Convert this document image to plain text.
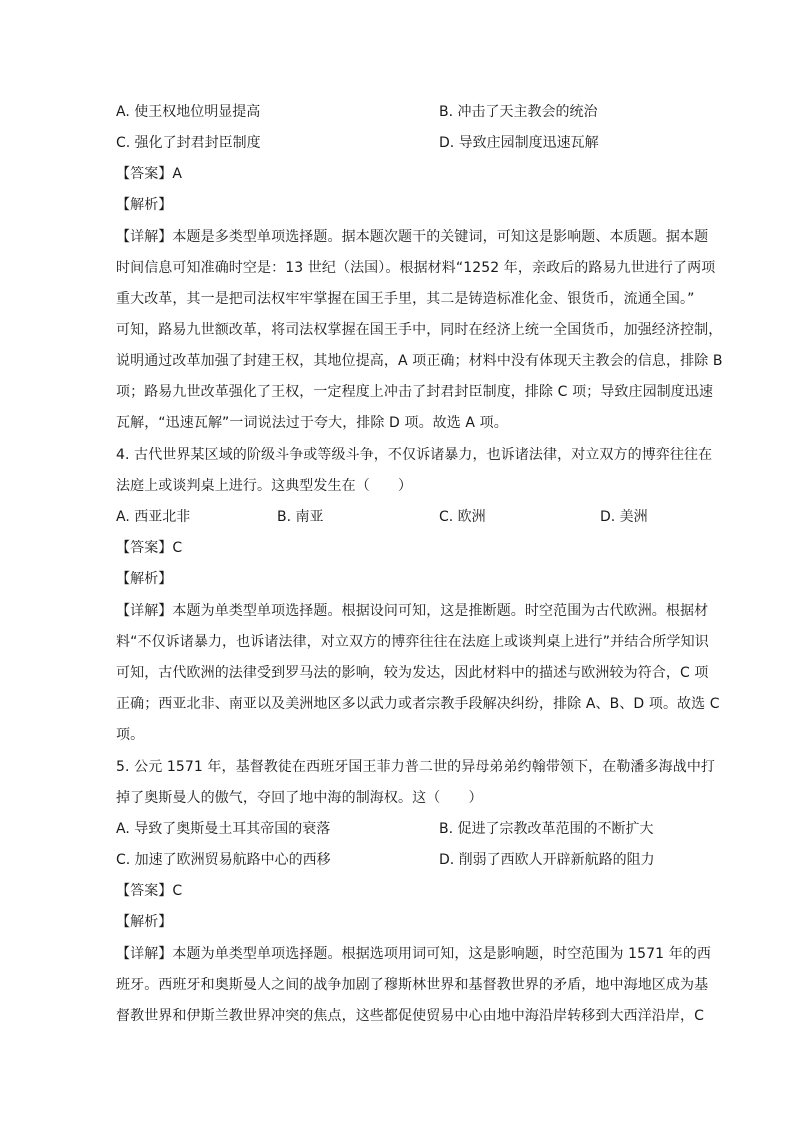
A. 使王权地位明显提高	B. 冲击了天主教会的统治
C. 强化了封君封臣制度	D. 导致庄园制度迅速瓦解
【答案】A
【解析】
【详解】本题是多类型单项选择题。据本题次题干的关键词，可知这是影响题、本质题。据本题
时间信息可知准确时空是：13 世纪（法国）。根据材料“1252 年，亲政后的路易九世进行了两项
重大改革，其一是把司法权牢牢掌握在国王手里，其二是铸造标准化金、银货币，流通全国。”
可知，路易九世额改革，将司法权掌握在国王手中，同时在经济上统一全国货币，加强经济控制，
说明通过改革加强了封建王权，其地位提高，A 项正确；材料中没有体现天主教会的信息，排除 B
项；路易九世改革强化了王权，一定程度上冲击了封君封臣制度，排除 C 项；导致庄园制度迅速
瓦解，“迅速瓦解”一词说法过于夸大，排除 D 项。故选 A 项。
4. 古代世界某区域的阶级斗争或等级斗争，不仅诉诸暴力，也诉诸法律，对立双方的博弈往往在
法庭上或谈判桌上进行。这典型发生在（　　）
A. 西亚北非	B. 南亚	C. 欧洲	D. 美洲
【答案】C
【解析】
【详解】本题为单类型单项选择题。根据设问可知，这是推断题。时空范围为古代欧洲。根据材
料“不仅诉诸暴力，也诉诸法律，对立双方的博弈往往在法庭上或谈判桌上进行”并结合所学知识
可知，古代欧洲的法律受到罗马法的影响，较为发达，因此材料中的描述与欧洲较为符合，C 项
正确；西亚北非、南亚以及美洲地区多以武力或者宗教手段解决纠纷，排除 A、B、D 项。故选 C
项。
5. 公元 1571 年，基督教徒在西班牙国王菲力普二世的异母弟弟约翰带领下，在勒潘多海战中打
掉了奥斯曼人的傲气，夺回了地中海的制海权。这（　　）
A. 导致了奥斯曼土耳其帝国的衰落	B. 促进了宗教改革范围的不断扩大
C. 加速了欧洲贸易航路中心的西移	D. 削弱了西欧人开辟新航路的阻力
【答案】C
【解析】
【详解】本题为单类型单项选择题。根据选项用词可知，这是影响题，时空范围为 1571 年的西
班牙。西班牙和奥斯曼人之间的战争加剧了穆斯林世界和基督教世界的矛盾，地中海地区成为基
督教世界和伊斯兰教世界冲突的焦点，这些都促使贸易中心由地中海沿岸转移到大西洋沿岸，C
